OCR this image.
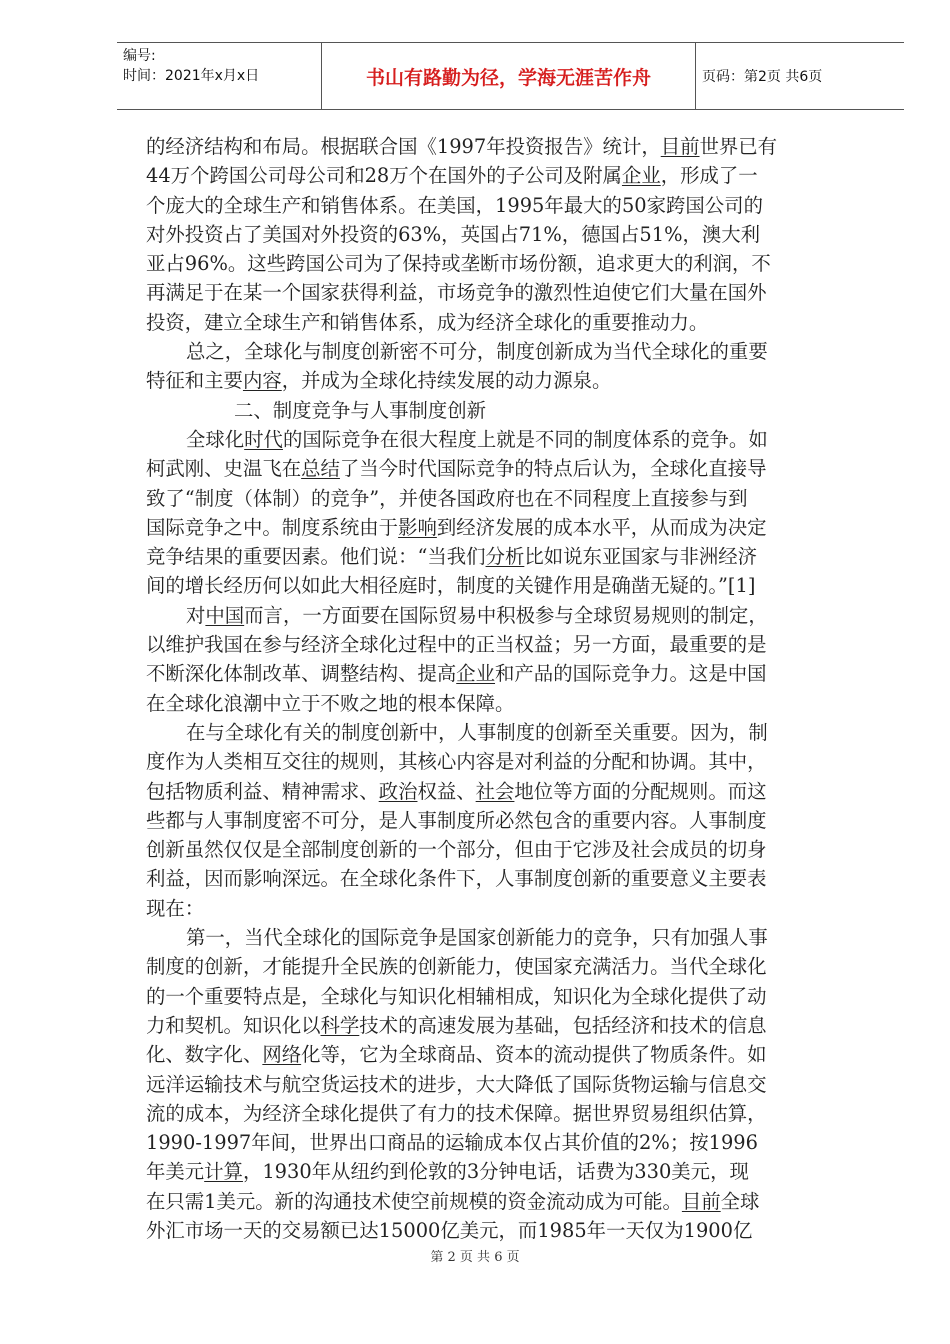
编号:
时间：2021年x月x日	书山有路勤为径，学海无涯苦作舟	页码：第2页 共6页
的经济结构和布局。根据联合国《1997年投资报告》统计，目前世界已有
44万个跨国公司母公司和28万个在国外的子公司及附属企业，形成了一
个庞大的全球生产和销售体系。在美国，1995年最大的50家跨国公司的
对外投资占了美国对外投资的63%，英国占71%，德国占51%，澳大利
亚占96%。这些跨国公司为了保持或垄断市场份额，追求更大的利润，不
再满足于在某一个国家获得利益，市场竞争的激烈性迫使它们大量在国外
投资，建立全球生产和销售体系，成为经济全球化的重要推动力。
总之，全球化与制度创新密不可分，制度创新成为当代全球化的重要
特征和主要内容，并成为全球化持续发展的动力源泉。
二、制度竞争与人事制度创新
全球化时代的国际竞争在很大程度上就是不同的制度体系的竞争。如
柯武刚、史温飞在总结了当今时代国际竞争的特点后认为，全球化直接导
致了“制度（体制）的竞争”，并使各国政府也在不同程度上直接参与到
国际竞争之中。制度系统由于影响到经济发展的成本水平，从而成为决定
竞争结果的重要因素。他们说：“当我们分析比如说东亚国家与非洲经济
间的增长经历何以如此大相径庭时，制度的关键作用是确凿无疑的。”[1]
对中国而言，一方面要在国际贸易中积极参与全球贸易规则的制定，
以维护我国在参与经济全球化过程中的正当权益；另一方面，最重要的是
不断深化体制改革、调整结构、提高企业和产品的国际竞争力。这是中国
在全球化浪潮中立于不败之地的根本保障。
在与全球化有关的制度创新中，人事制度的创新至关重要。因为，制
度作为人类相互交往的规则，其核心内容是对利益的分配和协调。其中，
包括物质利益、精神需求、政治权益、社会地位等方面的分配规则。而这
些都与人事制度密不可分，是人事制度所必然包含的重要内容。人事制度
创新虽然仅仅是全部制度创新的一个部分，但由于它涉及社会成员的切身
利益，因而影响深远。在全球化条件下，人事制度创新的重要意义主要表
现在：
第一，当代全球化的国际竞争是国家创新能力的竞争，只有加强人事
制度的创新，才能提升全民族的创新能力，使国家充满活力。当代全球化
的一个重要特点是，全球化与知识化相辅相成，知识化为全球化提供了动
力和契机。知识化以科学技术的高速发展为基础，包括经济和技术的信息
化、数字化、网络化等，它为全球商品、资本的流动提供了物质条件。如
远洋运输技术与航空货运技术的进步，大大降低了国际货物运输与信息交
流的成本，为经济全球化提供了有力的技术保障。据世界贸易组织估算，
1990-1997年间，世界出口商品的运输成本仅占其价值的2%；按1996
年美元计算，1930年从纽约到伦敦的3分钟电话，话费为330美元，现
在只需1美元。新的沟通技术使空前规模的资金流动成为可能。目前全球
外汇市场一天的交易额已达15000亿美元，而1985年一天仅为1900亿
第 2 页 共 6 页
